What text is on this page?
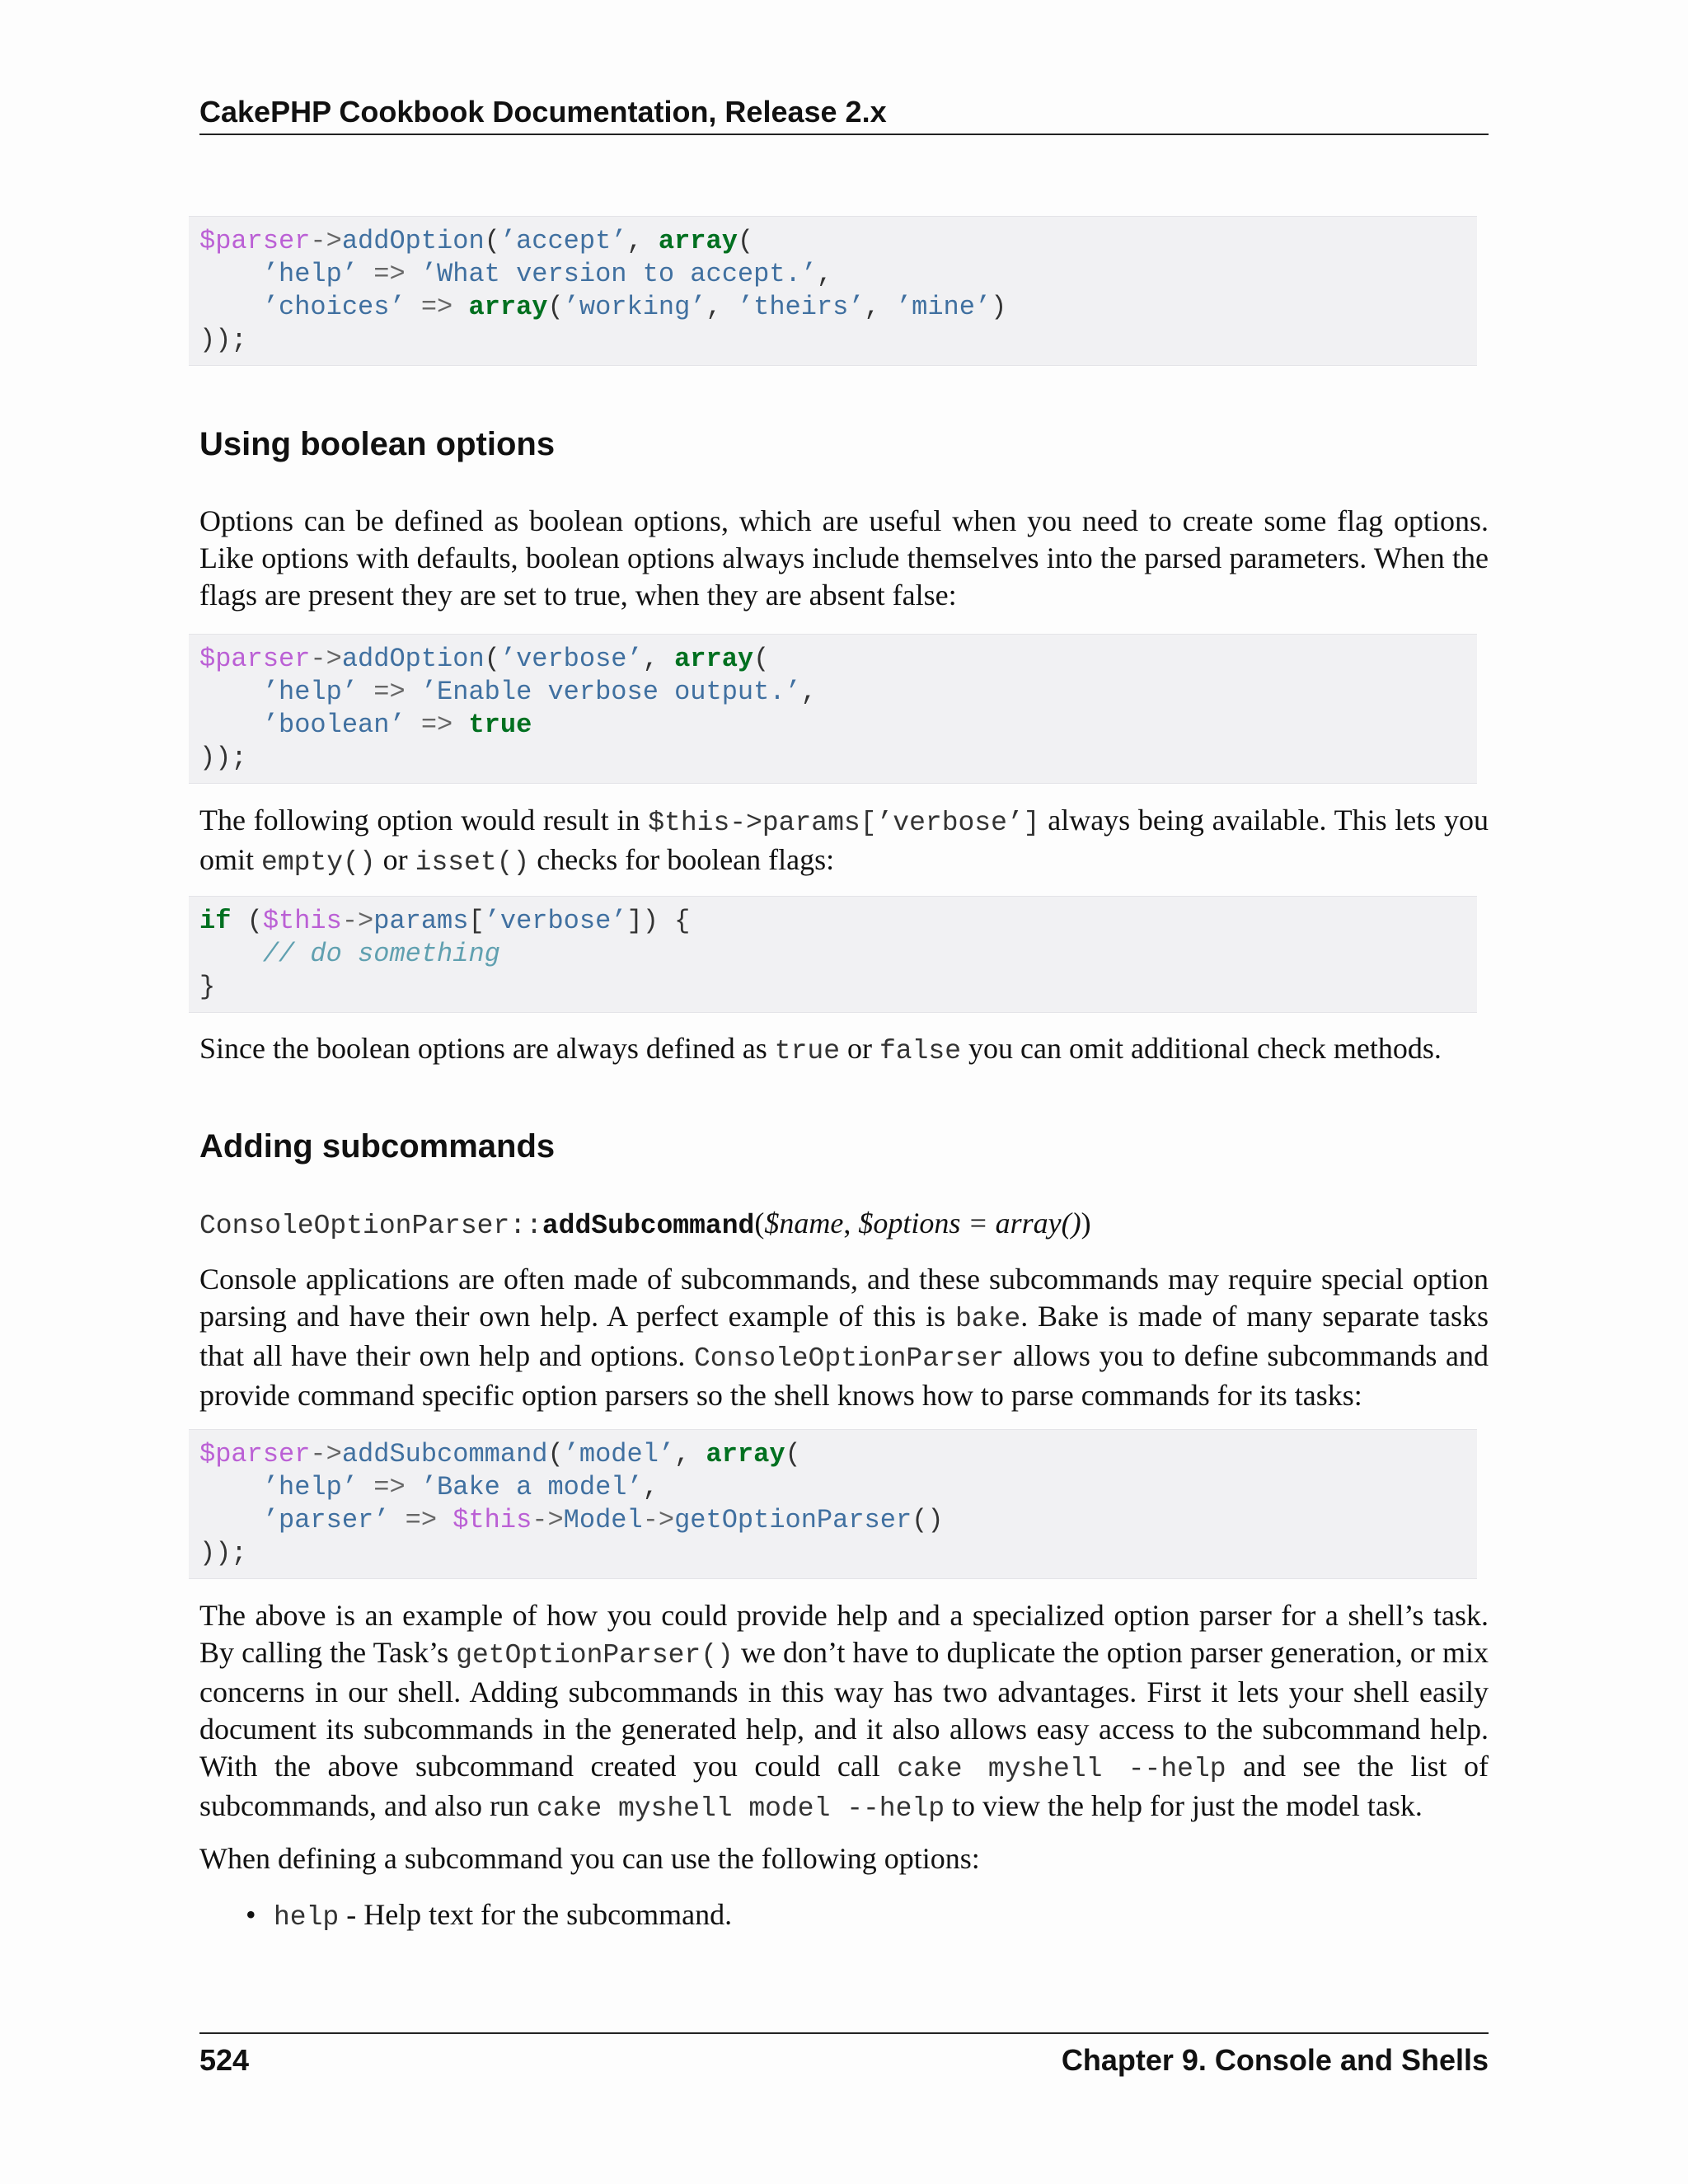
CakePHP Cookbook Documentation, Release 2.x
$parser->addOption(’accept’, array(
’help’ => ’What version to accept.’,
’choices’ => array(’working’, ’theirs’, ’mine’)
));
Using boolean options

Options can be defined as boolean options, which are useful when you need to create some flag options. Like options with defaults, boolean options always include themselves into the parsed parameters. When the flags are present they are set to true, when they are absent false:

$parser->addOption(’verbose’, array(
’help’ => ’Enable verbose output.’,
’boolean’ => true
));

The following option would result in $this->params[’verbose’] always being available. This lets you omit empty() or isset() checks for boolean flags:

if ($this->params[’verbose’]) {
// do something
}

Since the boolean options are always defined as true or false you can omit additional check methods.

Adding subcommands
ConsoleOptionParser::addSubcommand($name, $options = array())

Console applications are often made of subcommands, and these subcommands may require special option parsing and have their own help. A perfect example of this is bake. Bake is made of many separate tasks that all have their own help and options. ConsoleOptionParser allows you to define subcommands and provide command specific option parsers so the shell knows how to parse commands for its tasks:

$parser->addSubcommand(’model’, array(
’help’ => ’Bake a model’,
’parser’ => $this->Model->getOptionParser()
));

The above is an example of how you could provide help and a specialized option parser for a shell’s task. By calling the Task’s getOptionParser() we don’t have to duplicate the option parser generation, or mix concerns in our shell. Adding subcommands in this way has two advantages. First it lets your shell easily document its subcommands in the generated help, and it also allows easy access to the subcommand help. With the above subcommand created you could call cake myshell --help and see the list of subcommands, and also run cake myshell model --help to view the help for just the model task.

When defining a subcommand you can use the following options:

• help - Help text for the subcommand.
524	Chapter 9. Console and Shells
